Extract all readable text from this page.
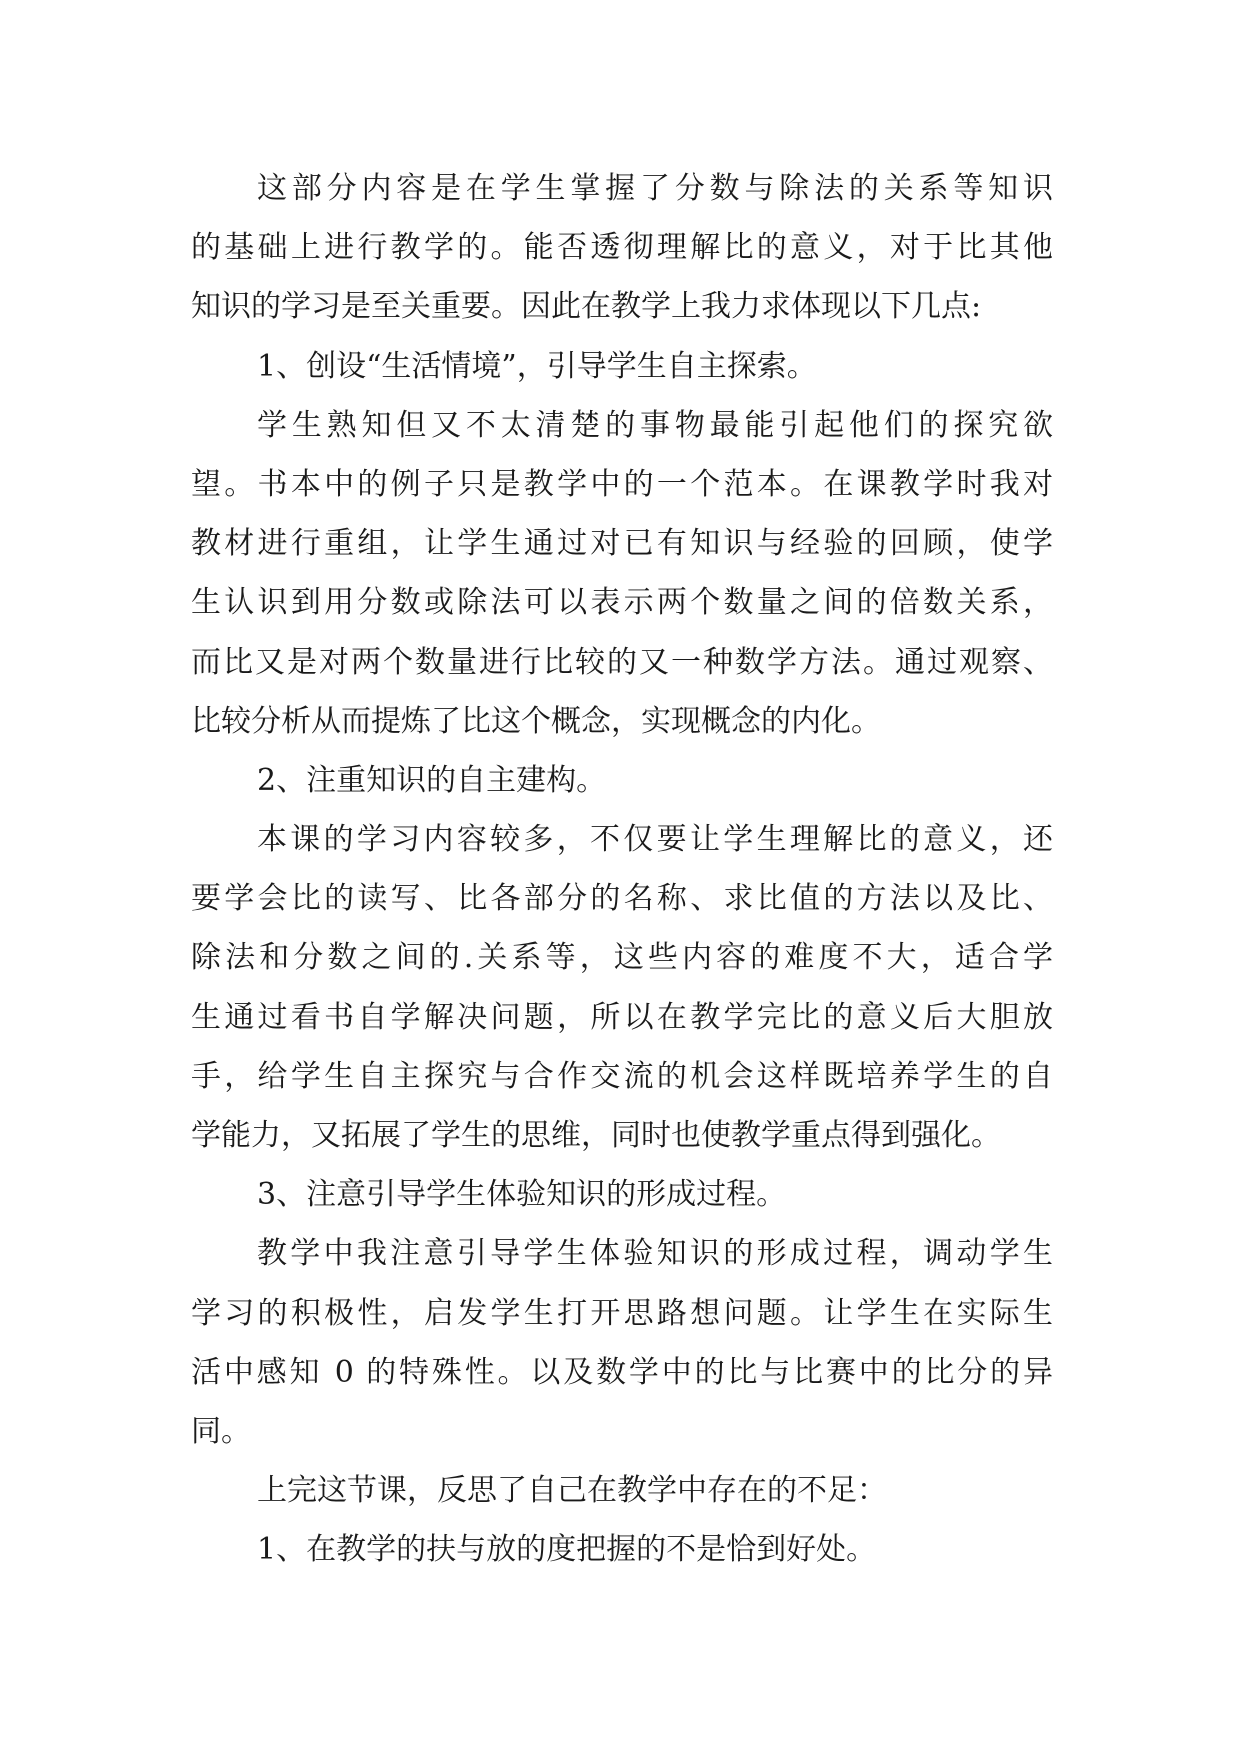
这部分内容是在学生掌握了分数与除法的关系等知识
的基础上进行教学的。能否透彻理解比的意义，对于比其他
知识的学习是至关重要。因此在教学上我力求体现以下几点:
1、创设“生活情境”，引导学生自主探索。
学生熟知但又不太清楚的事物最能引起他们的探究欲
望。书本中的例子只是教学中的一个范本。在课教学时我对
教材进行重组，让学生通过对已有知识与经验的回顾，使学
生认识到用分数或除法可以表示两个数量之间的倍数关系，
而比又是对两个数量进行比较的又一种数学方法。通过观察、
比较分析从而提炼了比这个概念，实现概念的内化。
2、注重知识的自主建构。
本课的学习内容较多，不仅要让学生理解比的意义，还
要学会比的读写、比各部分的名称、求比值的方法以及比、
除法和分数之间的.关系等，这些内容的难度不大，适合学
生通过看书自学解决问题，所以在教学完比的意义后大胆放
手，给学生自主探究与合作交流的机会这样既培养学生的自
学能力，又拓展了学生的思维，同时也使教学重点得到强化。
3、注意引导学生体验知识的形成过程。
教学中我注意引导学生体验知识的形成过程，调动学生
学习的积极性，启发学生打开思路想问题。让学生在实际生
活中感知 0 的特殊性。以及数学中的比与比赛中的比分的异
同。
上完这节课，反思了自己在教学中存在的不足：
1、在教学的扶与放的度把握的不是恰到好处。
